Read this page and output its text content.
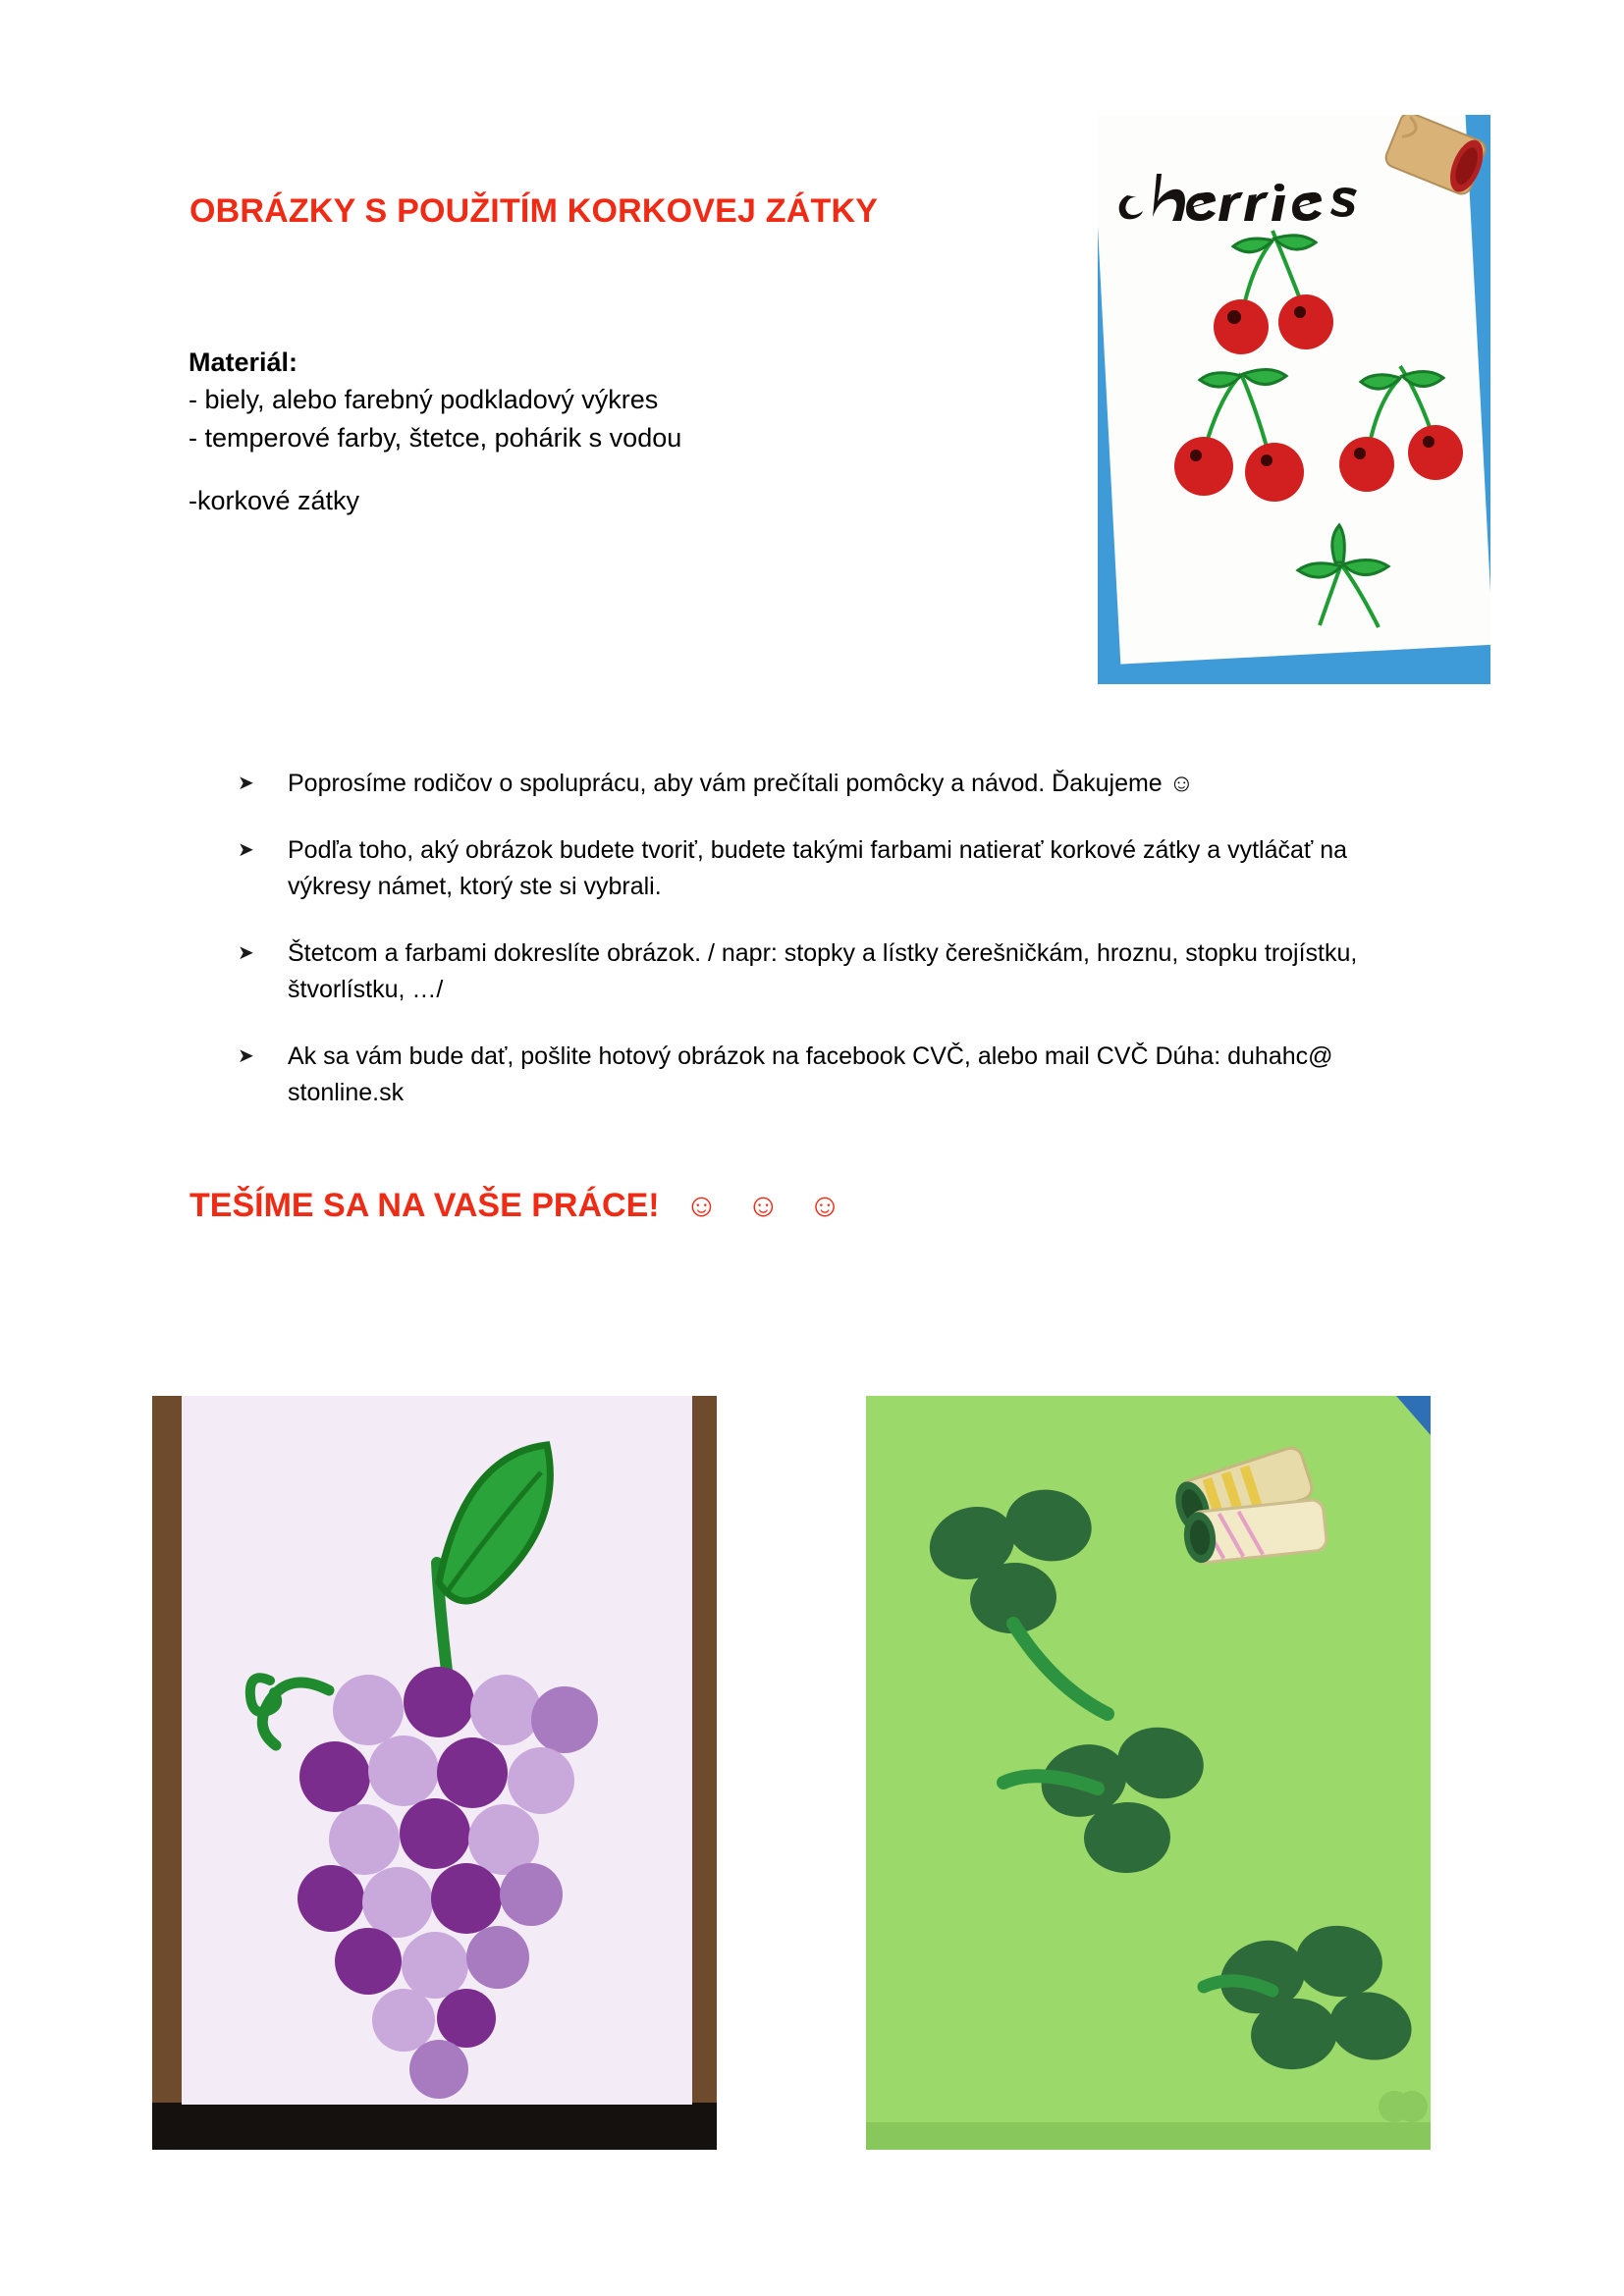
OBRÁZKY S POUŽITÍM KORKOVEJ ZÁTKY
Materiál:
- biely, alebo farebný podkladový výkres
- temperové farby, štetce, pohárik s vodou
-korkové zátky
➤ Poprosíme rodičov o spoluprácu, aby vám prečítali pomôcky a návod. Ďakujeme ☺
➤ Podľa toho, aký obrázok budete tvoriť, budete takými farbami natierať korkové zátky a vytláčať na výkresy námet, ktorý ste si vybrali.
➤ Štetcom a farbami dokreslíte obrázok. / napr: stopky a lístky čerešničkám, hroznu, stopku trojístku, štvorlístku, …/
➤ Ak sa vám bude dať, pošlite hotový obrázok na facebook CVČ, alebo mail CVČ Dúha: duhahc@ stonline.sk
TEŠÍME SA NA VAŠE PRÁCE! ☺ ☺ ☺
